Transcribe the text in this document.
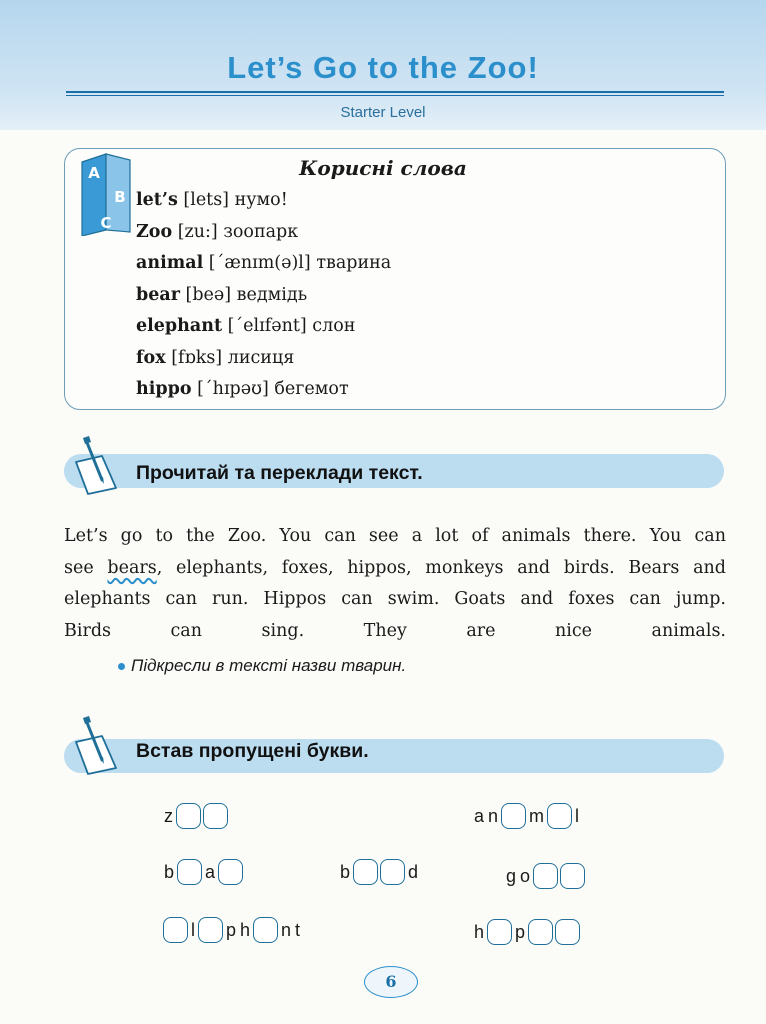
Let’s Go to the Zoo!
Starter Level
A
B
C
Корисні слова
let’s [lets] нумо!
Zoo [zu:] зоопарк
animal [ˊænɪm(ə)l] тварина
bear [beə] ведмідь
elephant [ˊelɪfənt] слон
fox [fɒks] лисиця
hippo [ˊhɪpəʊ] бегемот
Прочитай та переклади текст.

Let’s go to the Zoo. You can see a lot of animals there. You can

see bears, elephants, foxes, hippos, monkeys and birds. Bears and

elephants can run. Hippos can swim. Goats and foxes can jump.

Birds can sing. They are nice animals.

Підкресли в тексті назви тварин.
Встав пропущені букви.
z	a n m l
b a	b	d	g o
l p h n t	h p
6
